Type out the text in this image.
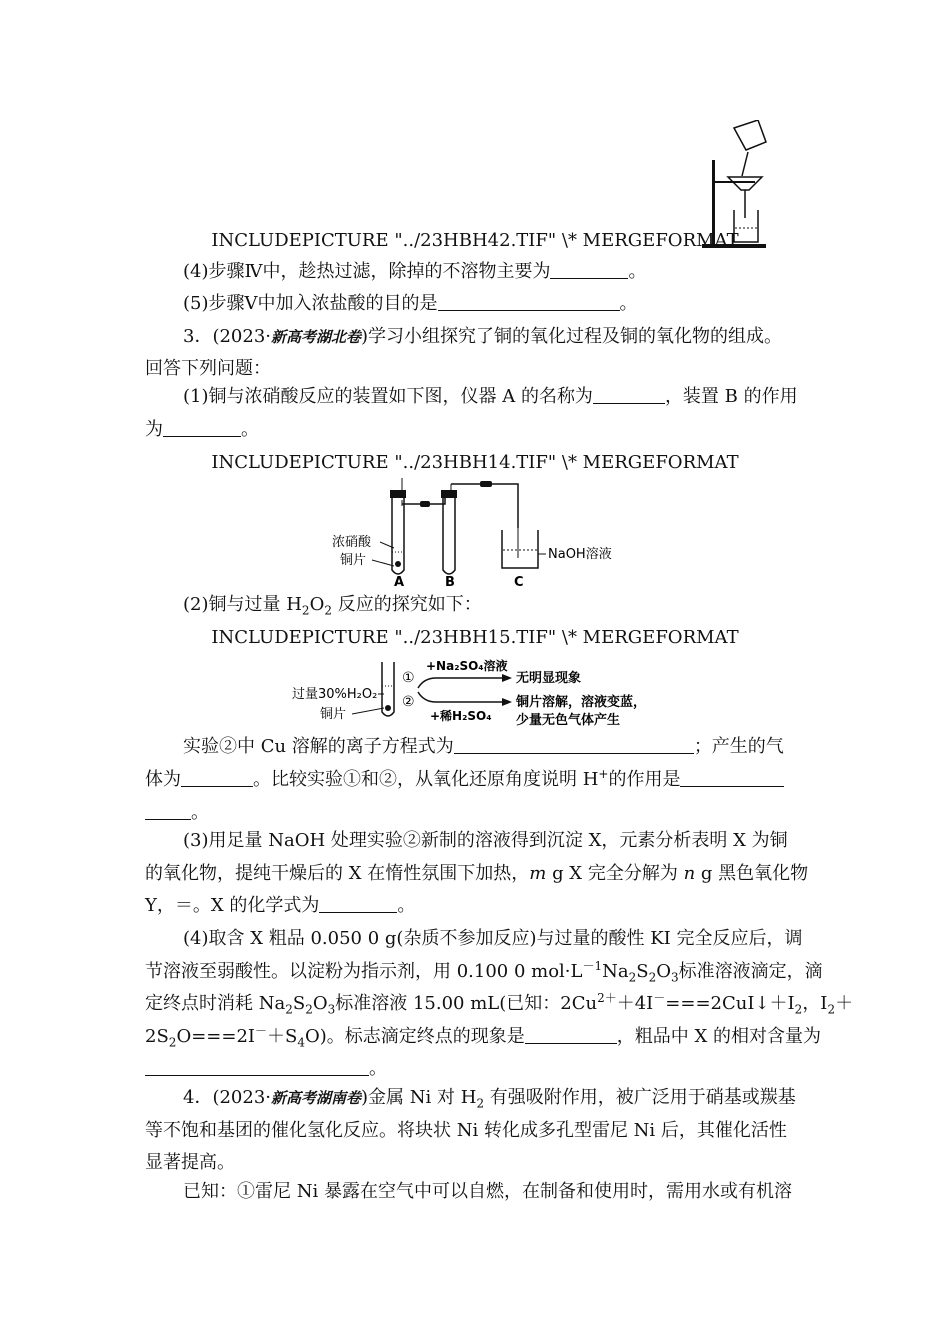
INCLUDEPICTURE "../23HBH42.TIF" \* MERGEFORMAT
(4)步骤Ⅳ中，趁热过滤，除掉的不溶物主要为	。
(5)步骤Ⅴ中加入浓盐酸的目的是	。
3．(2023·新高考湖北卷)学习小组探究了铜的氧化过程及铜的氧化物的组成。
回答下列问题：
(1)铜与浓硝酸反应的装置如下图，仪器 A 的名称为	，装置 B 的作用
为	。
INCLUDEPICTURE "../23HBH14.TIF" \* MERGEFORMAT
浓硝酸
铜片	NaOH溶液
A	B	C
(2)铜与过量 $H_2O_2$ 反应的探究如下：
INCLUDEPICTURE "../23HBH15.TIF" \* MERGEFORMAT
过量30%H₂O₂
铜片
①
②
+Na₂SO₄溶液
+稀H₂SO₄
无明显现象
铜片溶解，溶液变蓝，
少量无色气体产生
实验②中 Cu 溶解的离子方程式为	；产生的气
体为	。比较实验①和②，从氧化还原角度说明 H+的作用是
。
(3)用足量 NaOH 处理实验②新制的溶液得到沉淀 X，元素分析表明 X 为铜
的氧化物，提纯干燥后的 X 在惰性氛围下加热，m g X 完全分解为 n g 黑色氧化物
Y，＝。X 的化学式为	。
(4)取含 X 粗品 0.050 0 g(杂质不参加反应)与过量的酸性 KI 完全反应后，调
节溶液至弱酸性。以淀粉为指示剂，用 0.100 0 $mol\cdot L^{-1}Na_2S_2O_3$标准溶液滴定，滴
定终点时消耗 $Na_2S_2O_3$标准溶液 15.00 mL(已知：$2Cu^{2+}+4I^-===2CuI↓+I_2$，$I_2+$
$2S_2O===2I^-+S_4O$)。标志滴定终点的现象是	，粗品中 X 的相对含量为
。
4．(2023·新高考湖南卷)金属 Ni 对 $H_2$ 有强吸附作用，被广泛用于硝基或羰基
等不饱和基团的催化氢化反应。将块状 Ni 转化成多孔型雷尼 Ni 后，其催化活性
显著提高。
已知：①雷尼 Ni 暴露在空气中可以自燃，在制备和使用时，需用水或有机溶
